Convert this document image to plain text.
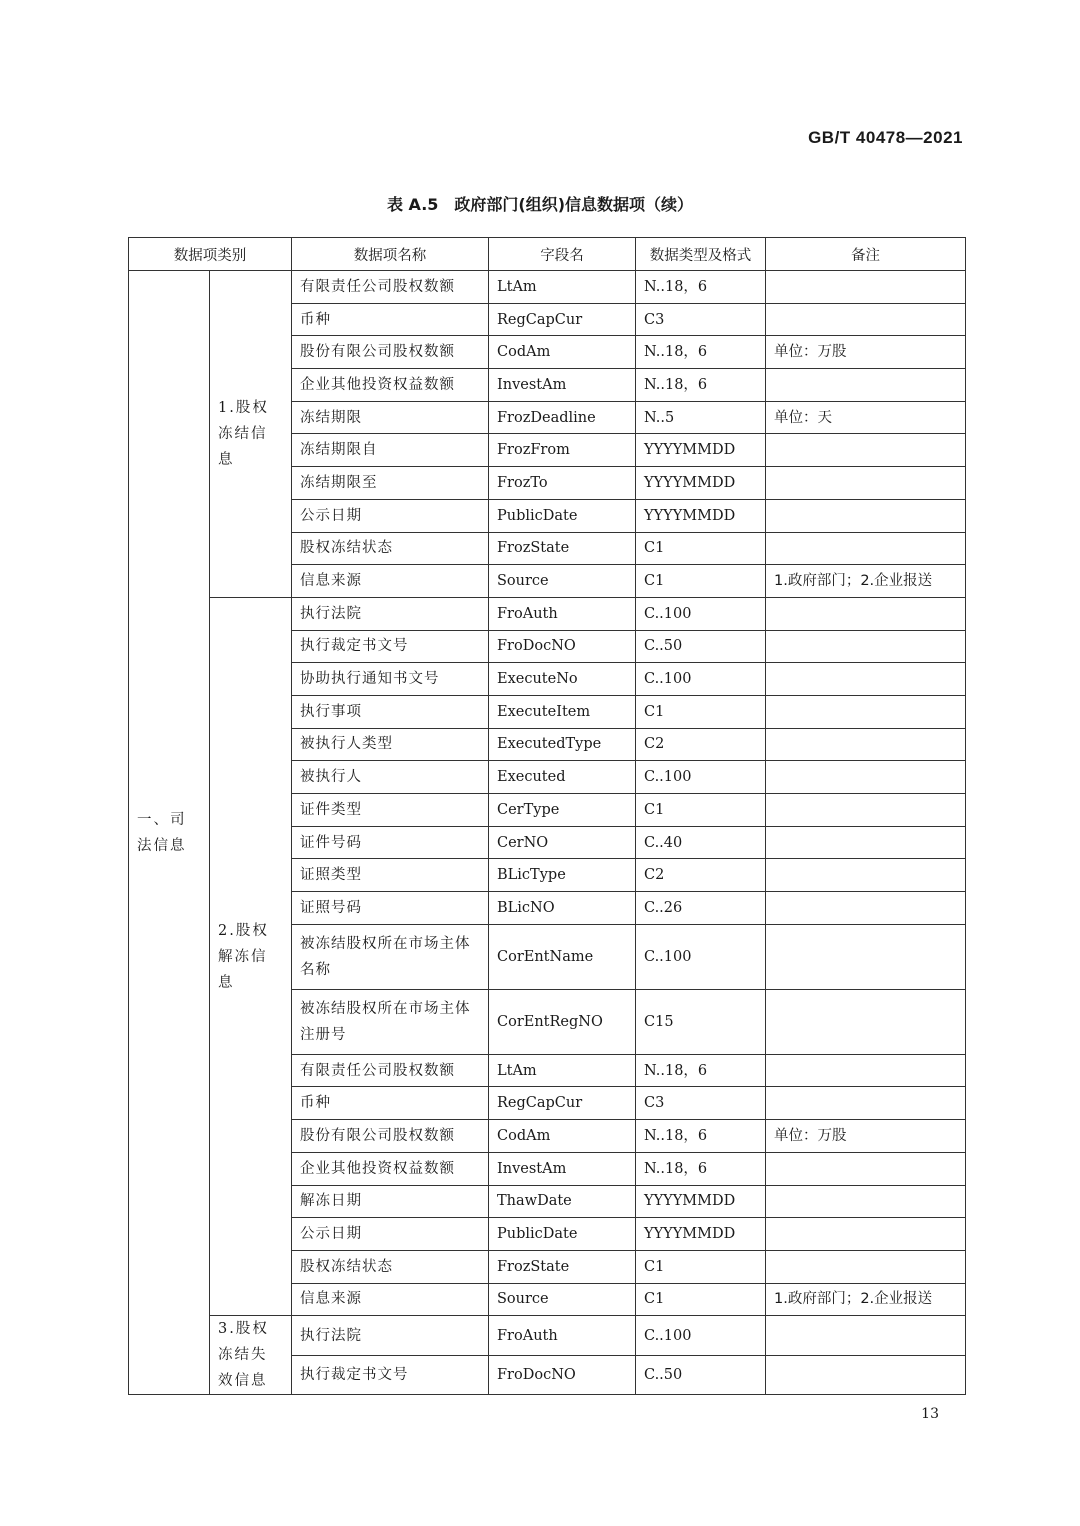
GB/T 40478—2021
表 A.5　政府部门(组织)信息数据项（续）
数据项类别		数据项名称	字段名	数据类型及格式	备注
一、司法信息	1.股权冻结信息	有限责任公司股权数额	LtAm	N..18，6	
		币种	RegCapCur	C3	
		股份有限公司股权数额	CodAm	N..18，6	单位：万股
		企业其他投资权益数额	InvestAm	N..18，6	
		冻结期限	FrozDeadline	N..5	单位：天
		冻结期限自	FrozFrom	YYYYMMDD	
		冻结期限至	FrozTo	YYYYMMDD	
		公示日期	PublicDate	YYYYMMDD	
		股权冻结状态	FrozState	C1	
		信息来源	Source	C1	1.政府部门；2.企业报送
	2.股权解冻信息	执行法院	FroAuth	C..100	
		执行裁定书文号	FroDocNO	C..50	
		协助执行通知书文号	ExecuteNo	C..100	
		执行事项	ExecuteItem	C1	
		被执行人类型	ExecutedType	C2	
		被执行人	Executed	C..100	
		证件类型	CerType	C1	
		证件号码	CerNO	C..40	
		证照类型	BLicType	C2	
		证照号码	BLicNO	C..26	
		被冻结股权所在市场主体名称	CorEntName	C..100	
		被冻结股权所在市场主体注册号	CorEntRegNO	C15	
		有限责任公司股权数额	LtAm	N..18，6	
		币种	RegCapCur	C3	
		股份有限公司股权数额	CodAm	N..18，6	单位：万股
		企业其他投资权益数额	InvestAm	N..18，6	
		解冻日期	ThawDate	YYYYMMDD	
		公示日期	PublicDate	YYYYMMDD	
		股权冻结状态	FrozState	C1	
		信息来源	Source	C1	1.政府部门；2.企业报送
	3.股权冻结失效信息	执行法院	FroAuth	C..100	
		执行裁定书文号	FroDocNO	C..50	
13
